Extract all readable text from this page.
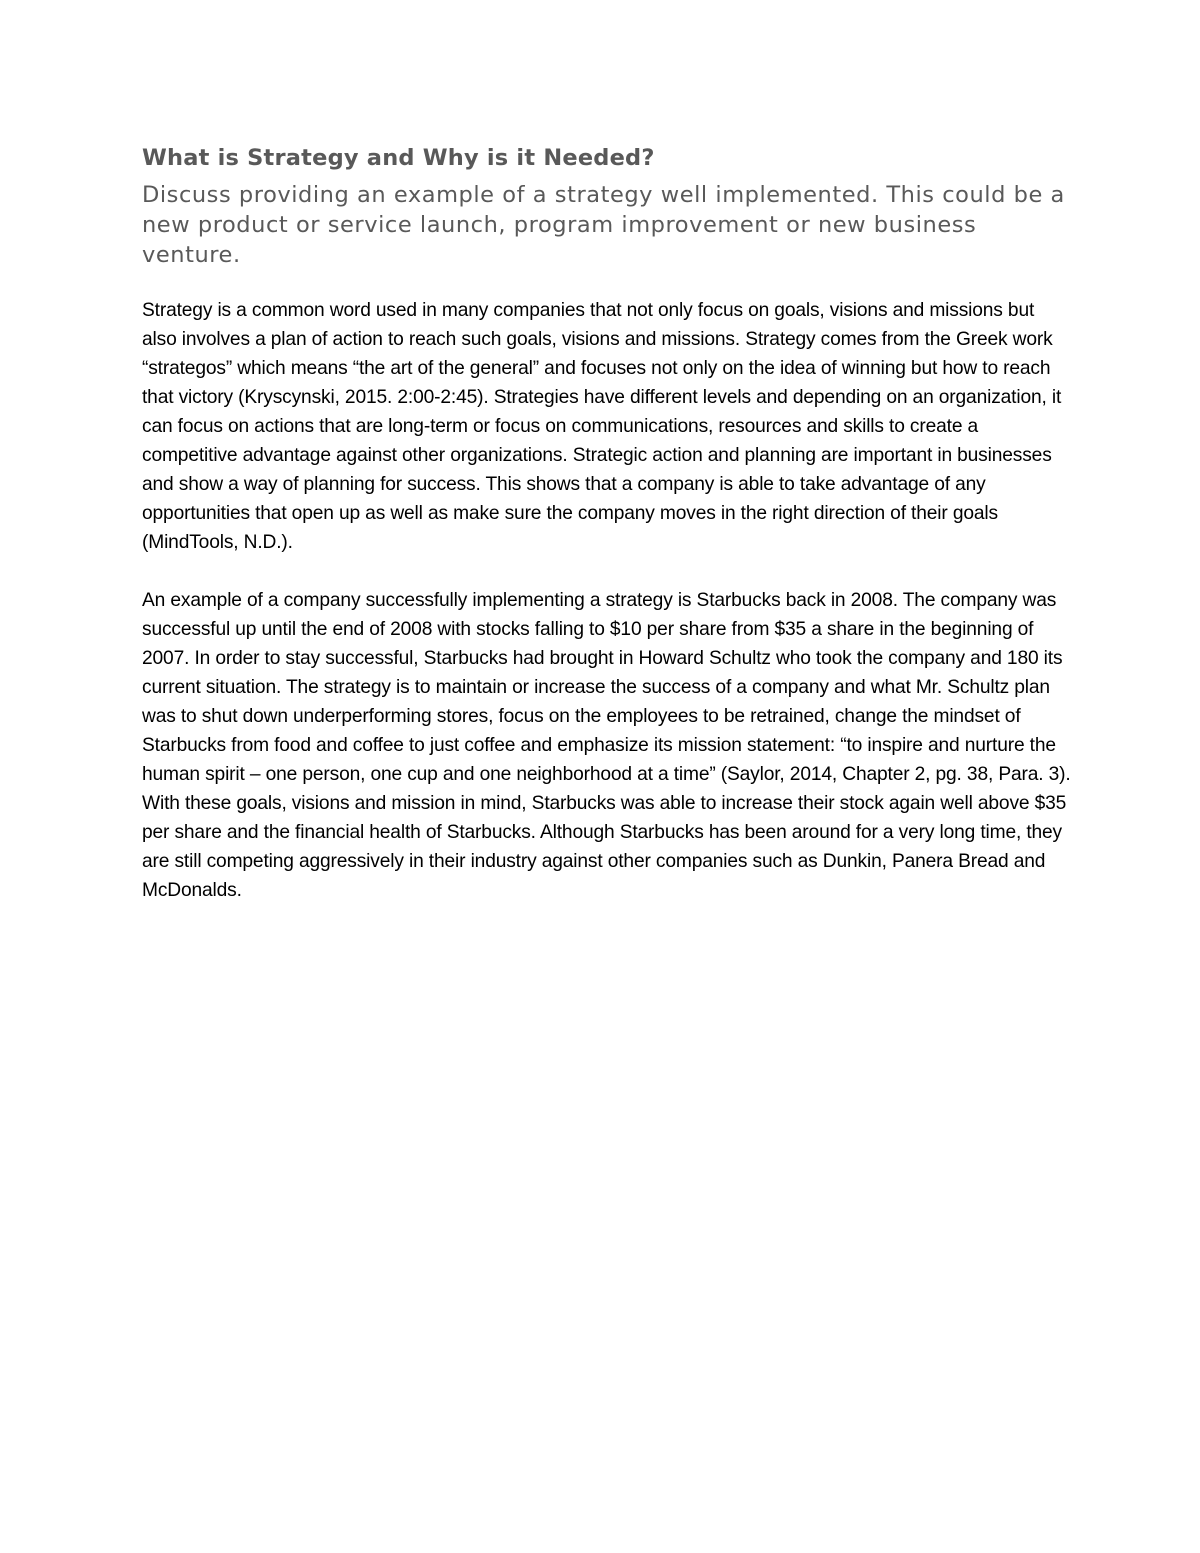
What is Strategy and Why is it Needed?

Discuss providing an example of a strategy well implemented. This could be a new product or service launch, program improvement or new business venture.

Strategy is a common word used in many companies that not only focus on goals, visions and missions but also involves a plan of action to reach such goals, visions and missions. Strategy comes from the Greek work “strategos” which means “the art of the general” and focuses not only on the idea of winning but how to reach that victory (Kryscynski, 2015. 2:00-2:45). Strategies have different levels and depending on an organization, it can focus on actions that are long-term or focus on communications, resources and skills to create a competitive advantage against other organizations. Strategic action and planning are important in businesses and show a way of planning for success. This shows that a company is able to take advantage of any opportunities that open up as well as make sure the company moves in the right direction of their goals (MindTools, N.D.).

An example of a company successfully implementing a strategy is Starbucks back in 2008. The company was successful up until the end of 2008 with stocks falling to $10 per share from $35 a share in the beginning of 2007. In order to stay successful, Starbucks had brought in Howard Schultz who took the company and 180 its current situation. The strategy is to maintain or increase the success of a company and what Mr. Schultz plan was to shut down underperforming stores, focus on the employees to be retrained, change the mindset of Starbucks from food and coffee to just coffee and emphasize its mission statement: “to inspire and nurture the human spirit – one person, one cup and one neighborhood at a time” (Saylor, 2014, Chapter 2, pg. 38, Para. 3). With these goals, visions and mission in mind, Starbucks was able to increase their stock again well above $35 per share and the financial health of Starbucks. Although Starbucks has been around for a very long time, they are still competing aggressively in their industry against other companies such as Dunkin, Panera Bread and McDonalds.
